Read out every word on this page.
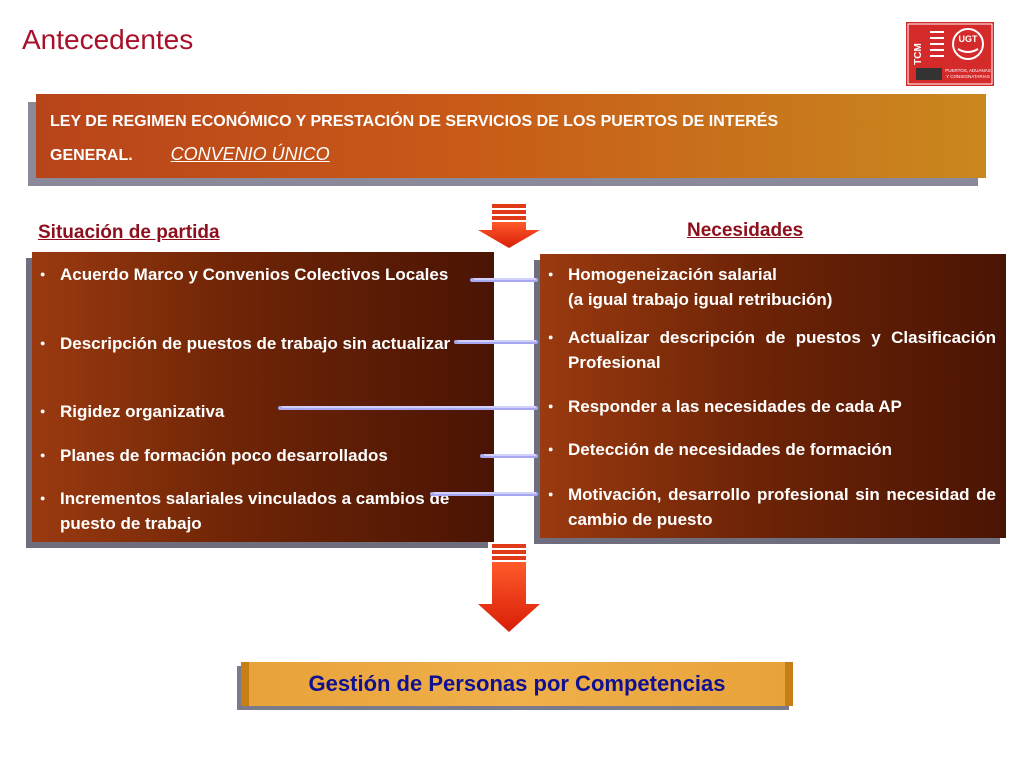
Antecedentes	TCM
UGT
PUERTOS, ADUANAS
Y CONSIGNATARIAS
LEY DE REGIMEN ECONÓMICO Y PRESTACIÓN DE SERVICIOS DE LOS PUERTOS DE INTERÉS GENERAL. CONVENIO ÚNICO
Situación de partida	Necesidades
● Acuerdo Marco y Convenios Colectivos Locales
● Descripción de puestos de trabajo sin actualizar
● Rigidez organizativa
● Planes de formación poco desarrollados
● Incrementos salariales vinculados a cambios de puesto de trabajo
● Homogeneización salarial
(a igual trabajo igual retribución)
● Actualizar descripción de puestos y Clasificación Profesional
● Responder a las necesidades de cada AP
● Detección de necesidades de formación
● Motivación, desarrollo profesional sin necesidad de cambio de puesto
Gestión de Personas por Competencias
